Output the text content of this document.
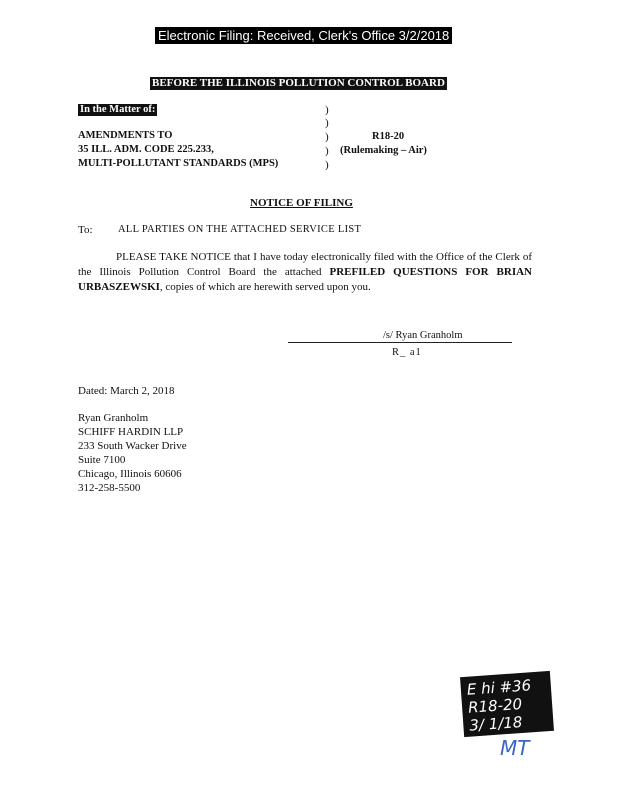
Electronic Filing: Received, Clerk's Office 3/2/2018
BEFORE THE ILLINOIS POLLUTION CONTROL BOARD
In the Matter of:	)
)
)
)
)
AMENDMENTS TO
35 ILL. ADM. CODE 225.233,
MULTI-POLLUTANT STANDARDS (MPS)
R18-20
(Rulemaking – Air)
NOTICE OF FILING
To: ALL PARTIES ON THE ATTACHED SERVICE LIST
PLEASE TAKE NOTICE that I have today electronically filed with the Office of the Clerk of the Illinois Pollution Control Board the attached PREFILED QUESTIONS FOR BRIAN URBASZEWSKI, copies of which are herewith served upon you.
/s/ Ryan Granholm
R_ a1
Dated: March 2, 2018
Ryan Granholm
SCHIFF HARDIN LLP
233 South Wacker Drive
Suite 7100
Chicago, Illinois 60606
312-258-5500
E hi #36
R18-20
3/ 1/18
MT
